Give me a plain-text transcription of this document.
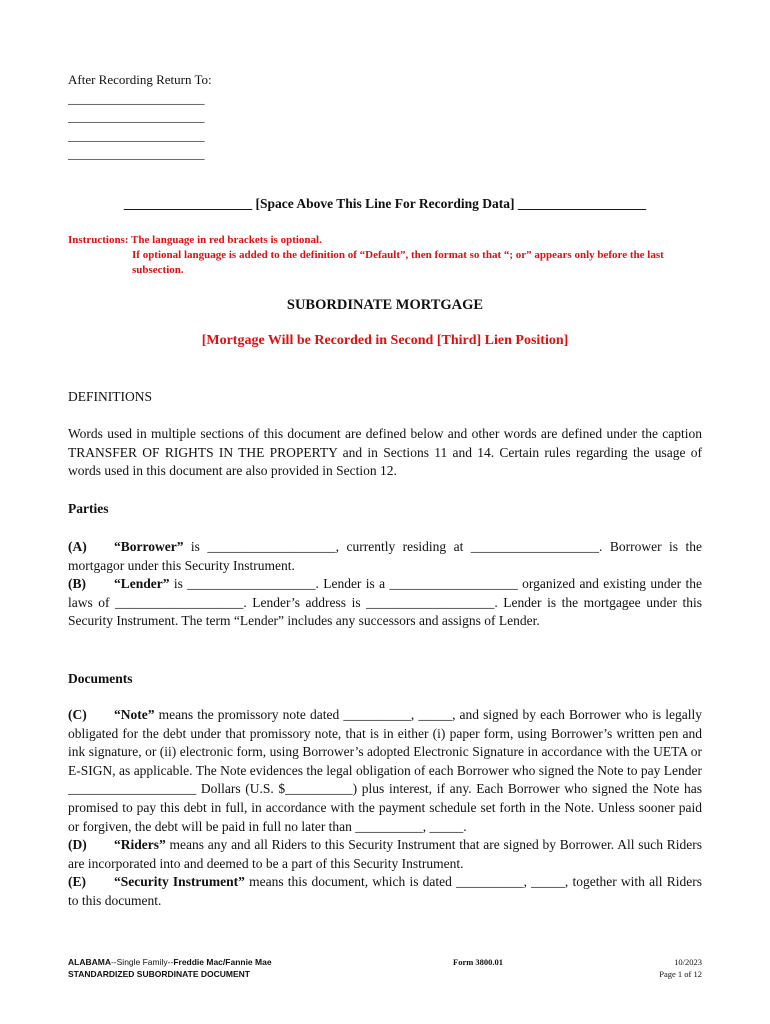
After Recording Return To:
_____________________
_____________________
_____________________
_____________________
___________________ [Space Above This Line For Recording Data] ___________________
Instructions: The language in red brackets is optional.
If optional language is added to the definition of “Default”, then format so that “; or” appears only before the last subsection.
SUBORDINATE MORTGAGE
[Mortgage Will be Recorded in Second [Third] Lien Position]
DEFINITIONS
Words used in multiple sections of this document are defined below and other words are defined under the caption TRANSFER OF RIGHTS IN THE PROPERTY and in Sections 11 and 14. Certain rules regarding the usage of words used in this document are also provided in Section 12.
Parties

(A) “Borrower” is ___________________, currently residing at ___________________. Borrower is the mortgagor under this Security Instrument.

(B) “Lender” is ___________________. Lender is a ___________________ organized and existing under the laws of ___________________. Lender’s address is ___________________. Lender is the mortgagee under this Security Instrument. The term “Lender” includes any successors and assigns of Lender.

Documents

(C) “Note” means the promissory note dated __________, _____, and signed by each Borrower who is legally obligated for the debt under that promissory note, that is in either (i) paper form, using Borrower’s written pen and ink signature, or (ii) electronic form, using Borrower’s adopted Electronic Signature in accordance with the UETA or E-SIGN, as applicable. The Note evidences the legal obligation of each Borrower who signed the Note to pay Lender ___________________ Dollars (U.S. $__________) plus interest, if any. Each Borrower who signed the Note has promised to pay this debt in full, in accordance with the payment schedule set forth in the Note. Unless sooner paid or forgiven, the debt will be paid in full no later than __________, _____.

(D) “Riders” means any and all Riders to this Security Instrument that are signed by Borrower. All such Riders are incorporated into and deemed to be a part of this Security Instrument.

(E) “Security Instrument” means this document, which is dated __________, _____, together with all Riders to this document.

ALABAMA--Single Family--Freddie Mac/Fannie Mae
STANDARDIZED SUBORDINATE DOCUMENT
Form 3800.01	10/2023
Page 1 of 12
